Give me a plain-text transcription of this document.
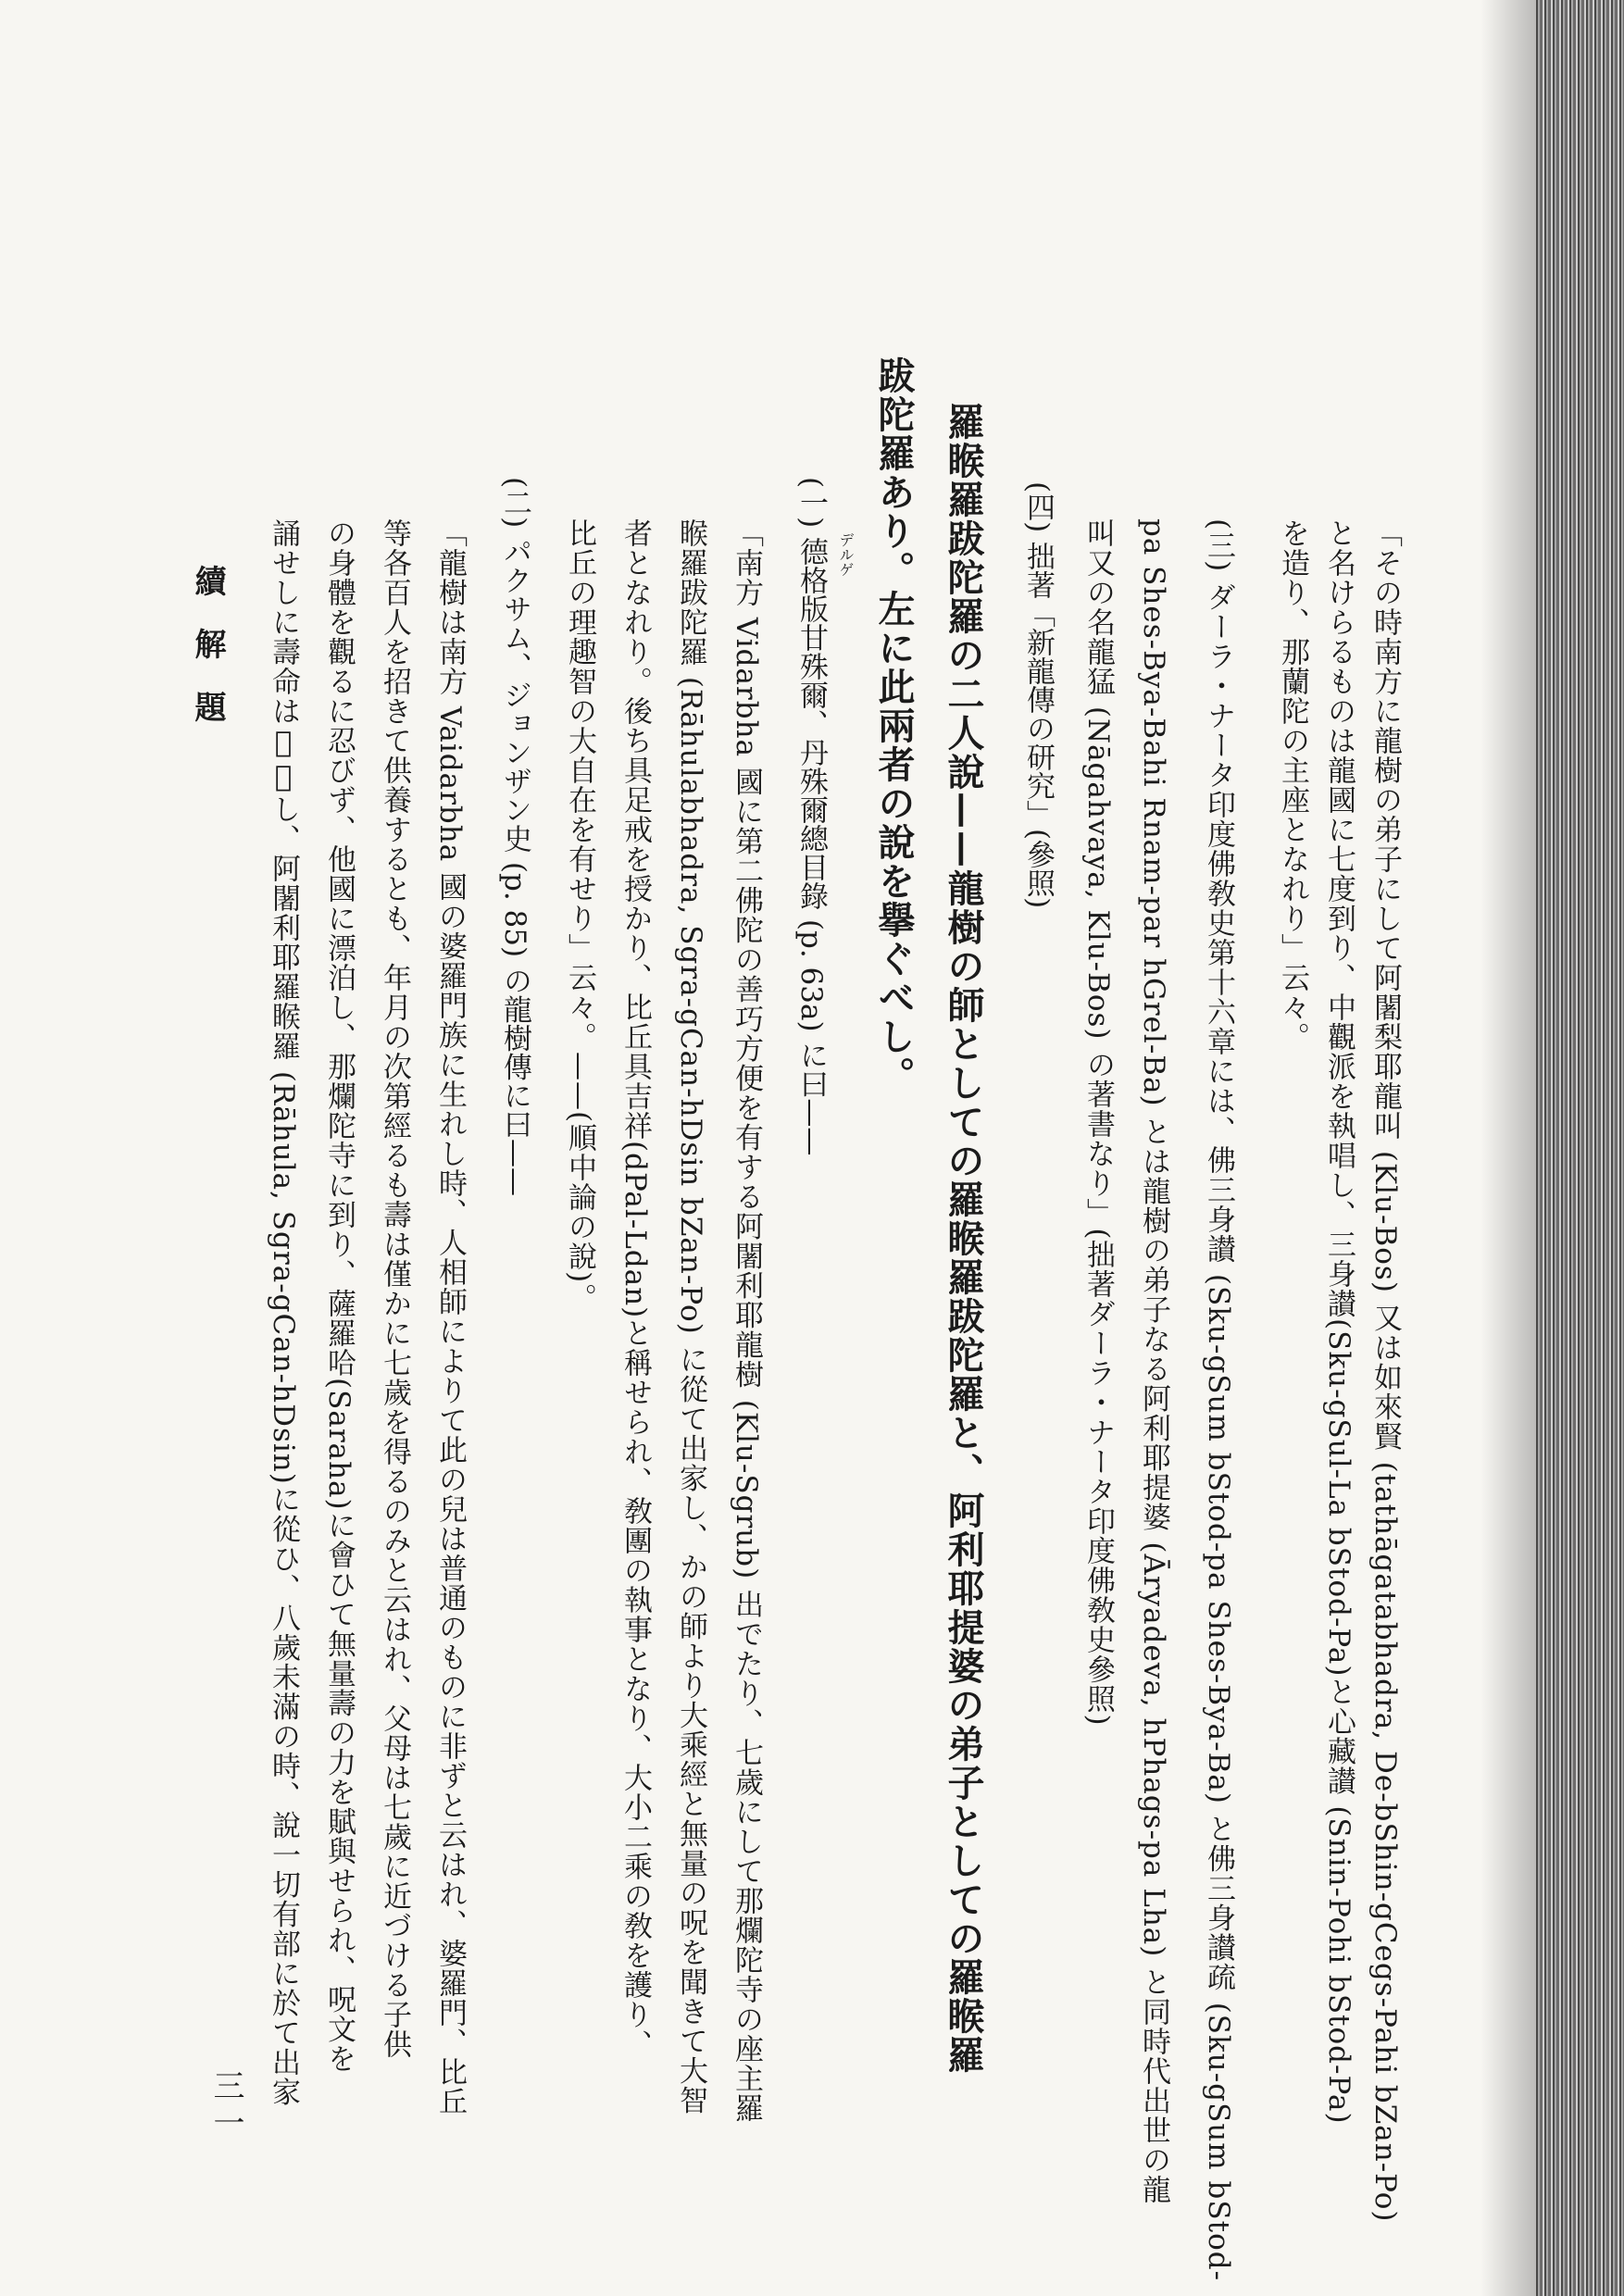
「その時南方に龍樹の弟子にして阿闍梨耶龍叫 (Klu-Bos) 又は如來賢 (tathāgatabhadra, De-bShin-gCegs-Pahi bZan-Po)
と名けらるものは龍國に七度到り、中觀派を執唱し、三身讃(Sku-gSul-La bStod-Pa)と心藏讃 (Snin-Pohi bStod-Pa)
を造り、那蘭陀の主座となれり」云々。
(三) ダーラ・ナータ印度佛敎史第十六章には、佛三身讃 (Sku-gSum bStod-pa Shes-Bya-Ba) と佛三身讃疏 (Sku-gSum bStod-
pa Shes-Bya-Bahi Rnam-par hGrel-Ba) とは龍樹の弟子なる阿利耶提婆 (Āryadeva, hPhags-pa Lha) と同時代出世の龍
叫又の名龍猛 (Nāgahvaya, Klu-Bos) の著書なり」(拙著ダーラ・ナータ印度佛敎史參照)
(四) 拙著「新龍傳の研究」(參照)
羅睺羅跋陀羅の二人說——龍樹の師としての羅睺羅跋陀羅と、阿利耶提婆の弟子としての羅睺羅
跋陀羅あり。左に此兩者の說を擧ぐべし。
デルゲ
(一) 德格版甘殊爾、丹殊爾總目錄 (p. 63a) に曰——
「南方 Vidarbha 國に第二佛陀の善巧方便を有する阿闍利耶龍樹 (Klu-Sgrub) 出でたり、七歲にして那爛陀寺の座主羅
睺羅跋陀羅 (Rāhulabhadra, Sgra-gCan-hDsin bZan-Po) に從て出家し、かの師より大乘經と無量の呪を聞きて大智
者となれり。後ち具足戒を授かり、比丘具吉祥(dPal-Ldan)と稱せられ、敎團の執事となり、大小二乘の敎を護り、
比丘の理趣智の大自在を有せり」云々。——(順中論の說)。
(二) パクサム、ジョンザン史 (p. 85) の龍樹傳に曰——
「龍樹は南方 Vaidarbha 國の婆羅門族に生れし時、人相師によりて此の兒は普通のものに非ずと云はれ、婆羅門、比丘
等各百人を招きて供養するとも、年月の次第經るも壽は僅かに七歲を得るのみと云はれ、父母は七歲に近づける子供
の身體を觀るに忍びず、他國に漂泊し、那爛陀寺に到り、薩羅哈(Saraha)に會ひて無量壽の力を賦與せられ、呪文を
誦せしに壽命は𢧐長し、阿闍利耶羅睺羅 (Rāhula, Sgra-gCan-hDsin)に從ひ、八歲未滿の時、說一切有部に於て出家
續解題
三一
